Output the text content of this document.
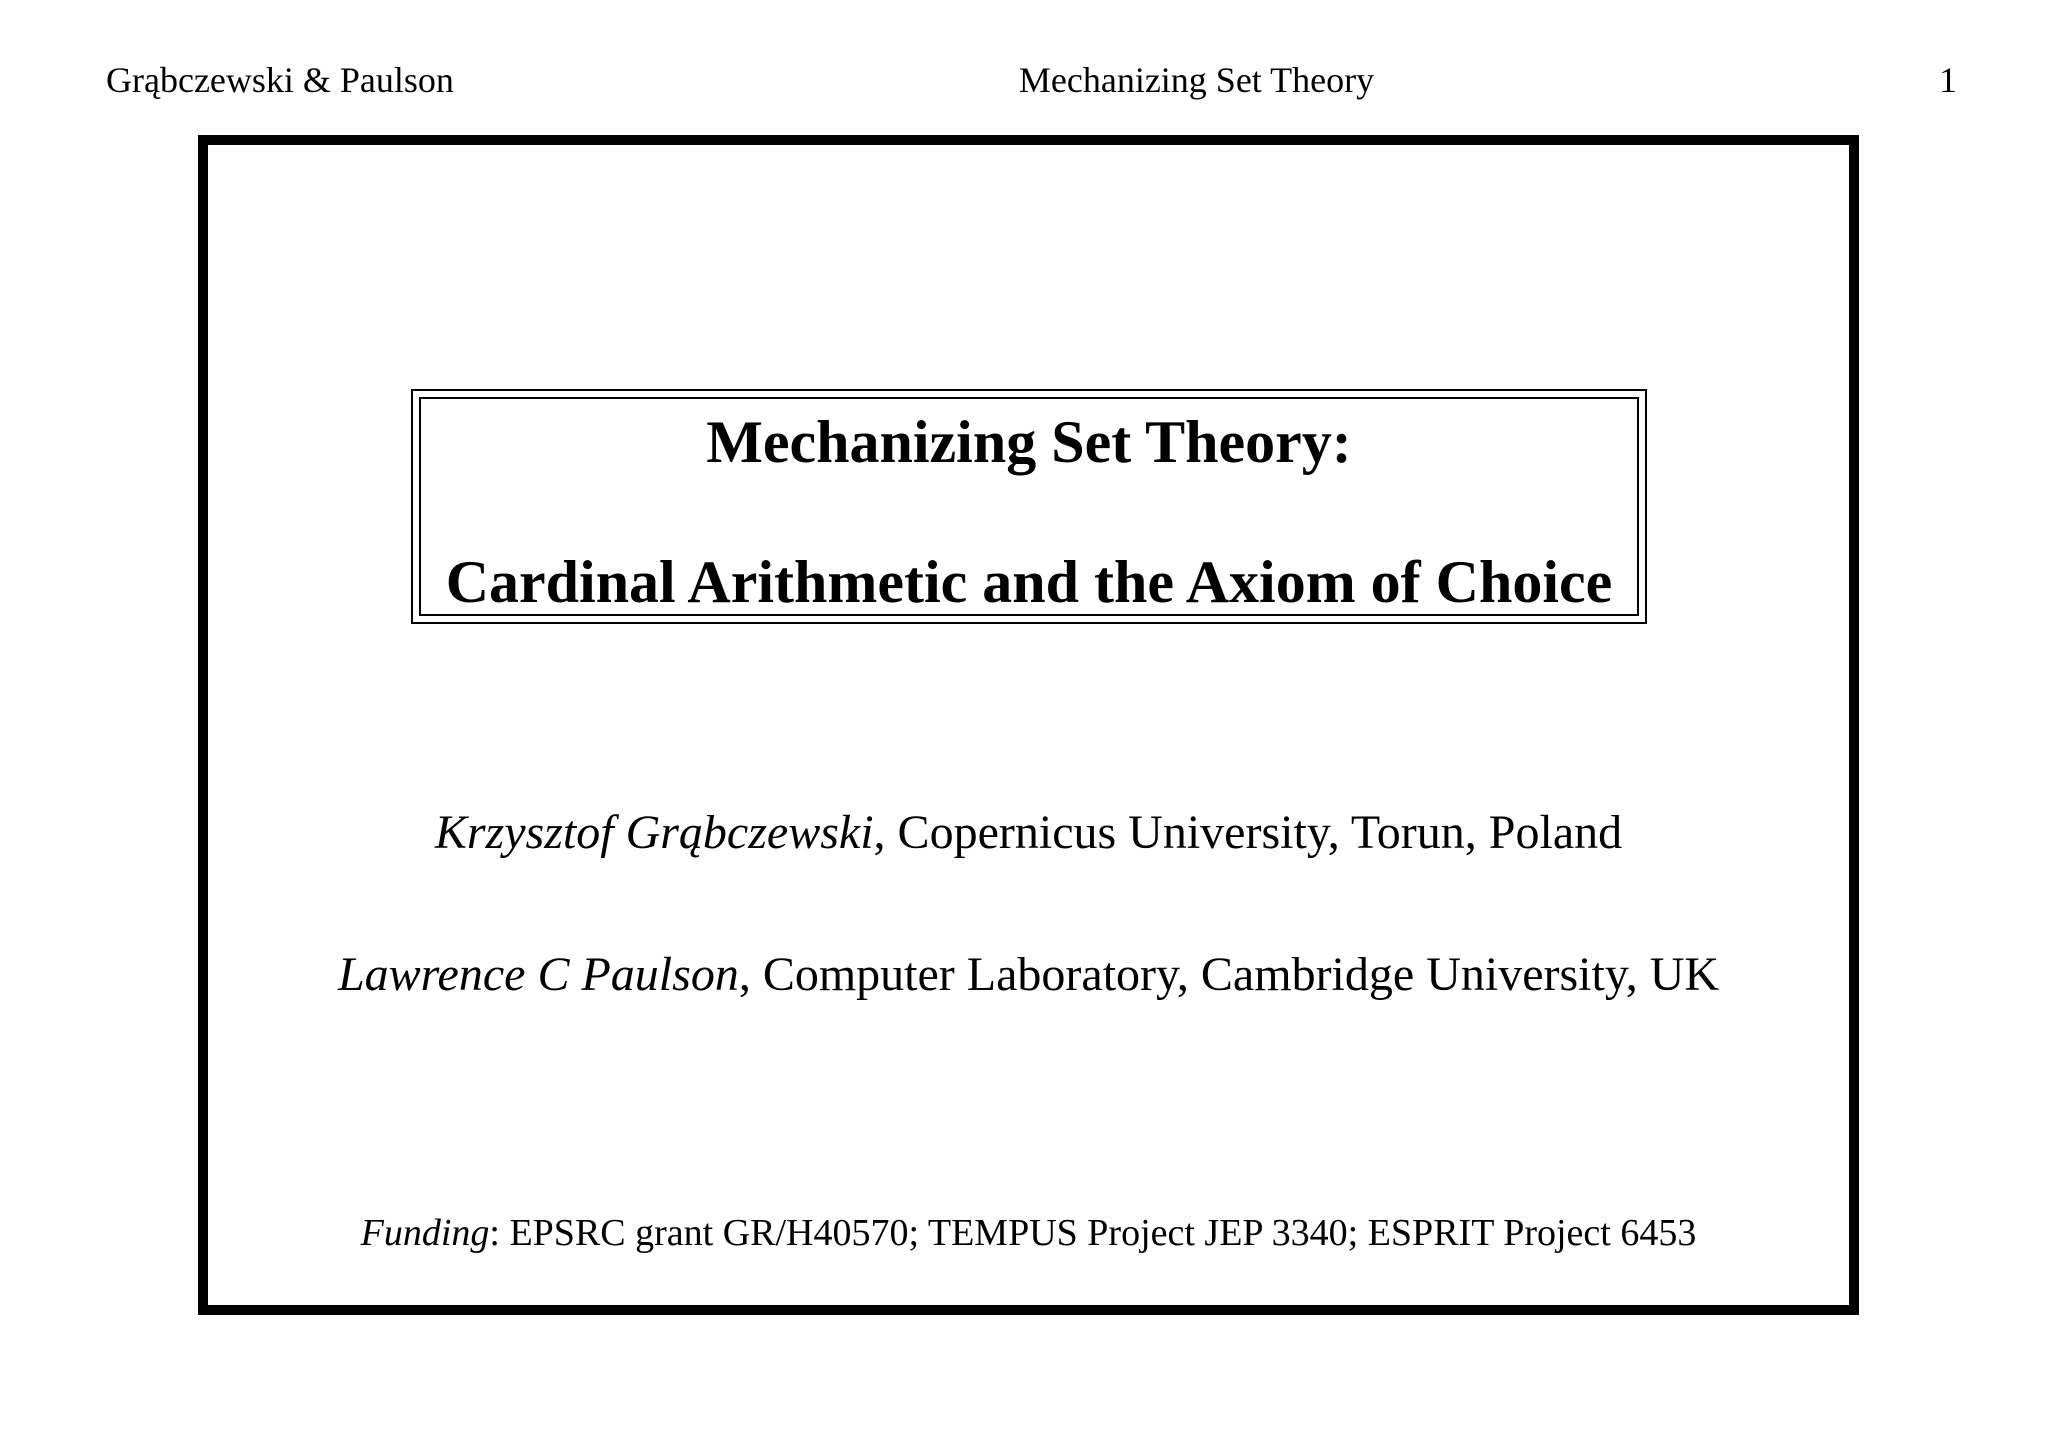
Grąbczewski & Paulson	Mechanizing Set Theory	1
Mechanizing Set Theory:
Cardinal Arithmetic and the Axiom of Choice
Krzysztof Grąbczewski, Copernicus University, Torun, Poland
Lawrence C Paulson, Computer Laboratory, Cambridge University, UK
Funding: EPSRC grant GR/H40570; TEMPUS Project JEP 3340; ESPRIT Project 6453
